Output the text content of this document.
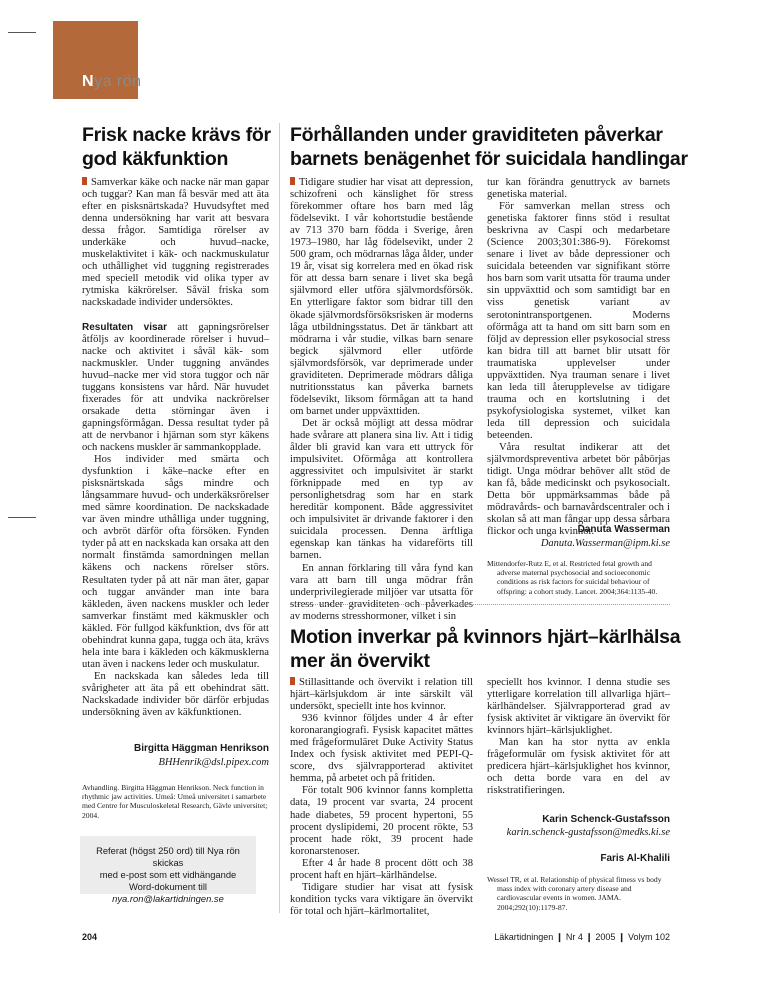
Nya rön
Frisk nacke krävs för
god käkfunktion

Samverkar käke och nacke när man gapar och tuggar? Kan man få besvär med att äta efter en pisksnärtskada? Huvudsyftet med denna undersökning har varit att besvara dessa frågor. Samtidiga rörelser av underkäke och huvud–nacke, muskelaktivitet i käk- och nackmuskulatur och uthållighet vid tuggning registrerades med speciell metodik vid olika typer av rytmiska käkrörelser. Såväl friska som nackskadade individer undersöktes.

Resultaten visar att gapningsrörelser åtföljs av koordinerade rörelser i huvud–nacke och aktivitet i såväl käk- som nackmuskler. Under tuggning användes huvud–nacke mer vid stora tuggor och när tuggans konsistens var hård. När huvudet fixerades för att undvika nackrörelser orsakade detta störningar även i gapningsförmågan. Dessa resultat tyder på att de nervbanor i hjärnan som styr käkens och nackens muskler är sammankopplade.

Hos individer med smärta och dysfunktion i käke–nacke efter en pisksnärtskada sågs mindre och långsammare huvud- och underkäksrörelser med sämre koordination. De nackskadade var även mindre uthålliga under tuggning, och avbröt därför ofta försöken. Fynden tyder på att en nackskada kan orsaka att den normalt finstämda samordningen mellan käkens och nackens rörelser störs. Resultaten tyder på att när man äter, gapar och tuggar använder man inte bara käkleden, även nackens muskler och leder samverkar finstämt med käkmuskler och käkled. För fullgod käkfunktion, dvs för att obehindrat kunna gapa, tugga och äta, krävs hela inte bara i käkleden och käkmusklerna utan även i nackens leder och muskulatur.

En nackskada kan således leda till svårigheter att äta på ett obehindrat sätt. Nackskadade individer bör därför erbjudas undersökning även av käkfunktionen.

Birgitta Häggman Henrikson
BHHenrik@dsl.pipex.com
Avhandling. Birgitta Häggman Henrikson. Neck function in rhythmic jaw activities. Umeå: Umeå universitet i samarbete med Centre for Musculoskeletal Research, Gävle universitet; 2004.
Referat (högst 250 ord) till Nya rön skickas
med e-post som ett vidhängande
Word-dokument till
nya.ron@lakartidningen.se
Förhållanden under graviditeten påverkar
barnets benägenhet för suicidala handlingar

Tidigare studier har visat att depression, schizofreni och känslighet för stress förekommer oftare hos barn med låg födelsevikt. I vår kohortstudie bestående av 713 370 barn födda i Sverige, åren 1973–1980, har låg födelsevikt, under 2 500 gram, och mödrarnas låga ålder, under 19 år, visat sig korrelera med en ökad risk för att dessa barn senare i livet ska begå självmord eller utföra självmordsförsök. En ytterligare faktor som bidrar till den ökade självmordsförsöksrisken är moderns låga utbildningsstatus. Det är tänkbart att mödrarna i vår studie, vilkas barn senare begick självmord eller utförde självmordsförsök, var deprimerade under graviditeten. Deprimerade mödrars dåliga nutritionsstatus kan påverka barnets födelsevikt, liksom förmågan att ta hand om barnet under uppväxttiden.

Det är också möjligt att dessa mödrar hade svårare att planera sina liv. Att i tidig ålder bli gravid kan vara ett uttryck för impulsivitet. Oförmåga att kontrollera aggressivitet och impulsivitet är starkt förknippade med en typ av personlighetsdrag som har en stark hereditär komponent. Både aggressivitet och impulsivitet är drivande faktorer i den suicidala processen. Denna ärftliga egenskap kan tänkas ha vidareförts till barnen.

En annan förklaring till våra fynd kan vara att barn till unga mödrar från underprivilegierade miljöer var utsatta för stress under graviditeten och påverkades av moderns stresshormoner, vilket i sin

tur kan förändra genuttryck av barnets genetiska material.

För samverkan mellan stress och genetiska faktorer finns stöd i resultat beskrivna av Caspi och medarbetare (Science 2003;301:386-9). Förekomst senare i livet av både depressioner och suicidala beteenden var signifikant större hos barn som varit utsatta för trauma under sin uppväxttid och som samtidigt bar en viss genetisk variant av serotonintransportgenen. Moderns oförmåga att ta hand om sitt barn som en följd av depression eller psykosocial stress kan bidra till att barnet blir utsatt för traumatiska upplevelser under uppväxttiden. Nya trauman senare i livet kan leda till återupplevelse av tidigare trauma och en kortslutning i det psykofysiologiska systemet, vilket kan leda till depression och suicidala beteenden.

Våra resultat indikerar att det självmordspreventiva arbetet bör påbörjas tidigt. Unga mödrar behöver allt stöd de kan få, både medicinskt och psykosocialt. Detta bör uppmärksammas både på mödravårds- och barnavårdscentraler och i skolan så att man fångar upp dessa sårbara flickor och unga kvinnor.

Danuta Wasserman
Danuta.Wasserman@ipm.ki.se
Mittendorfer-Rutz E, et al. Restricted fetal growth and adverse maternal psychosocial and socioeconomic conditions as risk factors for suicidal behaviour of offspring: a cohort study. Lancet. 2004;364:1135-40.
Motion inverkar på kvinnors hjärt–kärlhälsa
mer än övervikt

Stillasittande och övervikt i relation till hjärt–kärlsjukdom är inte särskilt väl undersökt, speciellt inte hos kvinnor.

936 kvinnor följdes under 4 år efter koronarangiografi. Fysisk kapacitet mättes med frågeformuläret Duke Activity Status Index och fysisk aktivitet med PEPI-Q-score, dvs självrapporterad aktivitet hemma, på arbetet och på fritiden.

För totalt 906 kvinnor fanns kompletta data, 19 procent var svarta, 24 procent hade diabetes, 59 procent hypertoni, 55 procent dyslipidemi, 20 procent rökte, 53 procent hade rökt, 39 procent hade koronarstenoser.

Efter 4 år hade 8 procent dött och 38 procent haft en hjärt–kärlhändelse.

Tidigare studier har visat att fysisk kondition tycks vara viktigare än övervikt för total och hjärt–kärlmortalitet,

speciellt hos kvinnor. I denna studie ses ytterligare korrelation till allvarliga hjärt–kärlhändelser. Självrapporterad grad av fysisk aktivitet är viktigare än övervikt för kvinnors hjärt–kärlsjuklighet.

Man kan ha stor nytta av enkla frågeformulär om fysisk aktivitet för att predicera hjärt–kärlsjuklighet hos kvinnor, och detta borde vara en del av riskstratifieringen.

Karin Schenck-Gustafsson
karin.schenck-gustafsson@medks.ki.se
Faris Al-Khalili
Wessel TR, et al. Relationship of physical fitness vs body mass index with coronary artery disease and cardiovascular events in women. JAMA. 2004;292(10):1179-87.
204	Läkartidningen ❙ Nr 4 ❙ 2005 ❙ Volym 102
